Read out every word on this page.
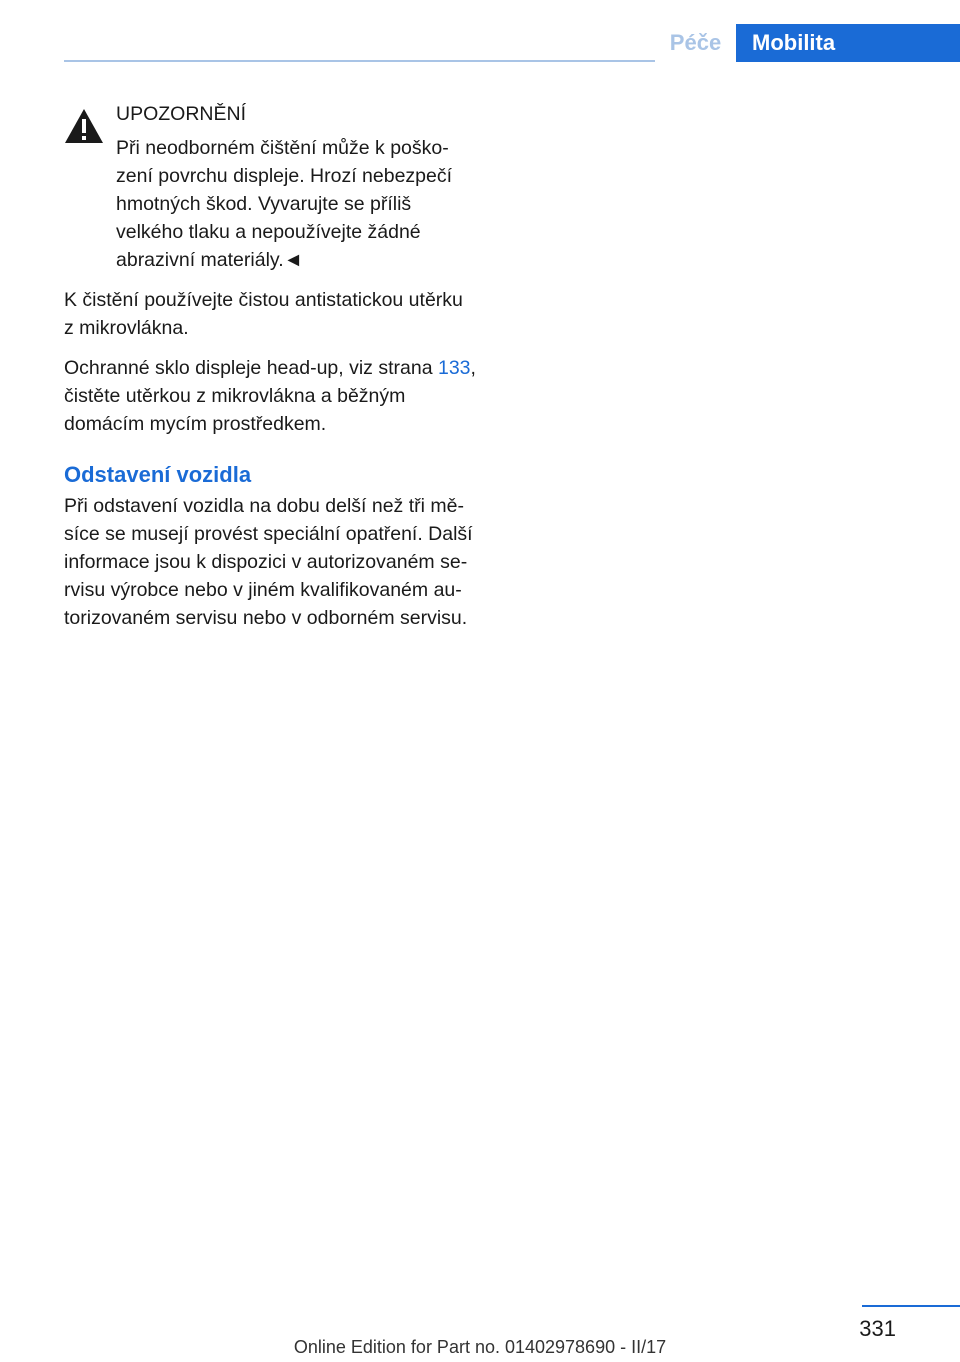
Péče	Mobilita

UPOZORNĚNÍ

Při neodborném čištění může k poškození povrchu displeje. Hrozí nebezpečí hmotných škod. Vyvarujte se příliš velkého tlaku a nepoužívejte žádné abrazivní materiály.◄

K čistění používejte čistou antistatickou utěrku z mikrovlákna.

Ochranné sklo displeje head-up, viz strana 133, čistěte utěrkou z mikrovlákna a běžným domácím mycím prostředkem.

Odstavení vozidla

Při odstavení vozidla na dobu delší než tři měsíce se musejí provést speciální opatření. Další informace jsou k dispozici v autorizovaném servisu výrobce nebo v jiném kvalifikovaném autorizovaném servisu nebo v odborném servisu.

331
Online Edition for Part no. 01402978690 - II/17
